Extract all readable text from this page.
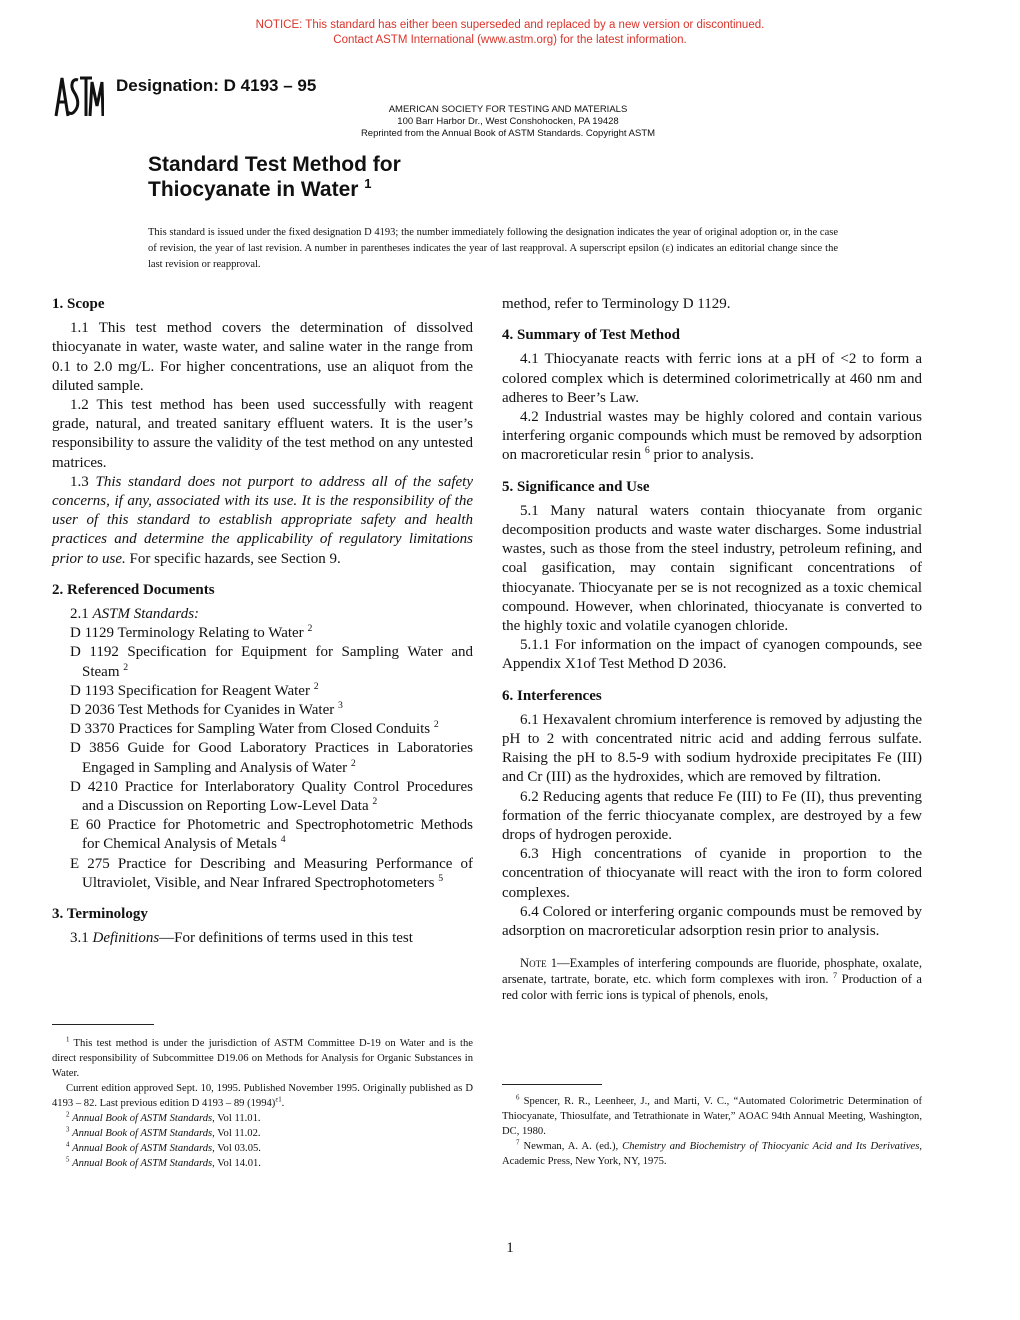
NOTICE: This standard has either been superseded and replaced by a new version or discontinued.
Contact ASTM International (www.astm.org) for the latest information.
Designation: D 4193 – 95
AMERICAN SOCIETY FOR TESTING AND MATERIALS
100 Barr Harbor Dr., West Conshohocken, PA 19428
Reprinted from the Annual Book of ASTM Standards. Copyright ASTM
Standard Test Method for
Thiocyanate in Water $^1$
This standard is issued under the fixed designation D 4193; the number immediately following the designation indicates the year of original adoption or, in the case of revision, the year of last revision. A number in parentheses indicates the year of last reapproval. A superscript epsilon (ε) indicates an editorial change since the last revision or reapproval.
1. Scope

1.1 This test method covers the determination of dissolved thiocyanate in water, waste water, and saline water in the range from 0.1 to 2.0 mg/L. For higher concentrations, use an aliquot from the diluted sample.

1.2 This test method has been used successfully with reagent grade, natural, and treated sanitary effluent waters. It is the user’s responsibility to assure the validity of the test method on any untested matrices.

1.3 This standard does not purport to address all of the safety concerns, if any, associated with its use. It is the responsibility of the user of this standard to establish appropriate safety and health practices and determine the applicability of regulatory limitations prior to use. For specific hazards, see Section 9.

2. Referenced Documents

2.1 ASTM Standards:

D 1129 Terminology Relating to Water $^2$

D 1192 Specification for Equipment for Sampling Water and Steam $^2$

D 1193 Specification for Reagent Water $^2$

D 2036 Test Methods for Cyanides in Water $^3$

D 3370 Practices for Sampling Water from Closed Conduits $^2$

D 3856 Guide for Good Laboratory Practices in Laboratories Engaged in Sampling and Analysis of Water $^2$

D 4210 Practice for Interlaboratory Quality Control Procedures and a Discussion on Reporting Low-Level Data $^2$

E 60 Practice for Photometric and Spectrophotometric Methods for Chemical Analysis of Metals $^4$

E 275 Practice for Describing and Measuring Performance of Ultraviolet, Visible, and Near Infrared Spectrophotometers $^5$

3. Terminology

3.1 Definitions—For definitions of terms used in this test

$^1$ This test method is under the jurisdiction of ASTM Committee D-19 on Water and is the direct responsibility of Subcommittee D19.06 on Methods for Analysis for Organic Substances in Water.

Current edition approved Sept. 10, 1995. Published November 1995. Originally published as D 4193 – 82. Last previous edition D 4193 – 89 $(1994)^{\varepsilon 1}$.

$^2$ Annual Book of ASTM Standards, Vol 11.01.

$^3$ Annual Book of ASTM Standards, Vol 11.02.

$^4$ Annual Book of ASTM Standards, Vol 03.05.

$^5$ Annual Book of ASTM Standards, Vol 14.01.

method, refer to Terminology D 1129.

4. Summary of Test Method

4.1 Thiocyanate reacts with ferric ions at a pH of <2 to form a colored complex which is determined colorimetrically at 460 nm and adheres to Beer’s Law.

4.2 Industrial wastes may be highly colored and contain various interfering organic compounds which must be removed by adsorption on macroreticular resin $^6$ prior to analysis.

5. Significance and Use

5.1 Many natural waters contain thiocyanate from organic decomposition products and waste water discharges. Some industrial wastes, such as those from the steel industry, petroleum refining, and coal gasification, may contain significant concentrations of thiocyanate. Thiocyanate per se is not recognized as a toxic chemical compound. However, when chlorinated, thiocyanate is converted to the highly toxic and volatile cyanogen chloride.

5.1.1 For information on the impact of cyanogen compounds, see Appendix X1of Test Method D 2036.

6. Interferences

6.1 Hexavalent chromium interference is removed by adjusting the pH to 2 with concentrated nitric acid and adding ferrous sulfate. Raising the pH to 8.5-9 with sodium hydroxide precipitates Fe (III) and Cr (III) as the hydroxides, which are removed by filtration.

6.2 Reducing agents that reduce Fe (III) to Fe (II), thus preventing formation of the ferric thiocyanate complex, are destroyed by a few drops of hydrogen peroxide.

6.3 High concentrations of cyanide in proportion to the concentration of thiocyanate will react with the iron to form colored complexes.

6.4 Colored or interfering organic compounds must be removed by adsorption on macroreticular adsorption resin prior to analysis.

Note 1—Examples of interfering compounds are fluoride, phosphate, oxalate, arsenate, tartrate, borate, etc. which form complexes with iron. $^7$ Production of a red color with ferric ions is typical of phenols, enols,

$^6$ Spencer, R. R., Leenheer, J., and Marti, V. C., “Automated Colorimetric Determination of Thiocyanate, Thiosulfate, and Tetrathionate in Water,” AOAC 94th Annual Meeting, Washington, DC, 1980.

$^7$ Newman, A. A. (ed.), Chemistry and Biochemistry of Thiocyanic Acid and Its Derivatives, Academic Press, New York, NY, 1975.

1
